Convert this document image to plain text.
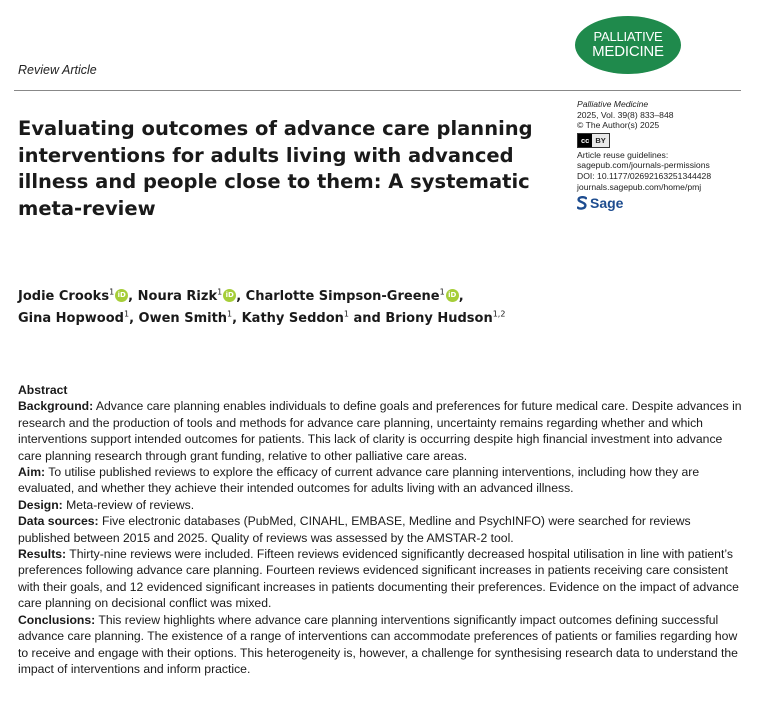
PALLIATIVE
MEDICINE
Review Article
Evaluating outcomes of advance care planning interventions for adults living with advanced illness and people close to them: A systematic meta-review
Palliative Medicine
2025, Vol. 39(8) 833–848
© The Author(s) 2025
cc BY
Article reuse guidelines:
sagepub.com/journals-permissions
DOI: 10.1177/02692163251344428
journals.sagepub.com/home/pmj
Sage
Jodie Crooks$^1$ iD , Noura Rizk$^1$ iD , Charlotte Simpson-Greene$^1$ iD ,
Gina Hopwood$^1$, Owen Smith$^1$, Kathy Seddon$^1$ and Briony Hudson$^{1,2}$
Abstract

Background: Advance care planning enables individuals to define goals and preferences for future medical care. Despite advances in research and the production of tools and methods for advance care planning, uncertainty remains regarding whether and which interventions support intended outcomes for patients. This lack of clarity is occurring despite high financial investment into advance care planning research through grant funding, relative to other palliative care areas.

Aim: To utilise published reviews to explore the efficacy of current advance care planning interventions, including how they are evaluated, and whether they achieve their intended outcomes for adults living with an advanced illness.

Design: Meta-review of reviews.

Data sources: Five electronic databases (PubMed, CINAHL, EMBASE, Medline and PsychINFO) were searched for reviews published between 2015 and 2025. Quality of reviews was assessed by the AMSTAR-2 tool.

Results: Thirty-nine reviews were included. Fifteen reviews evidenced significantly decreased hospital utilisation in line with patient’s preferences following advance care planning. Fourteen reviews evidenced significant increases in patients receiving care consistent with their goals, and 12 evidenced significant increases in patients documenting their preferences. Evidence on the impact of advance care planning on decisional conflict was mixed.

Conclusions: This review highlights where advance care planning interventions significantly impact outcomes defining successful advance care planning. The existence of a range of interventions can accommodate preferences of patients or families regarding how to receive and engage with their options. This heterogeneity is, however, a challenge for synthesising research data to understand the impact of interventions and inform practice.
